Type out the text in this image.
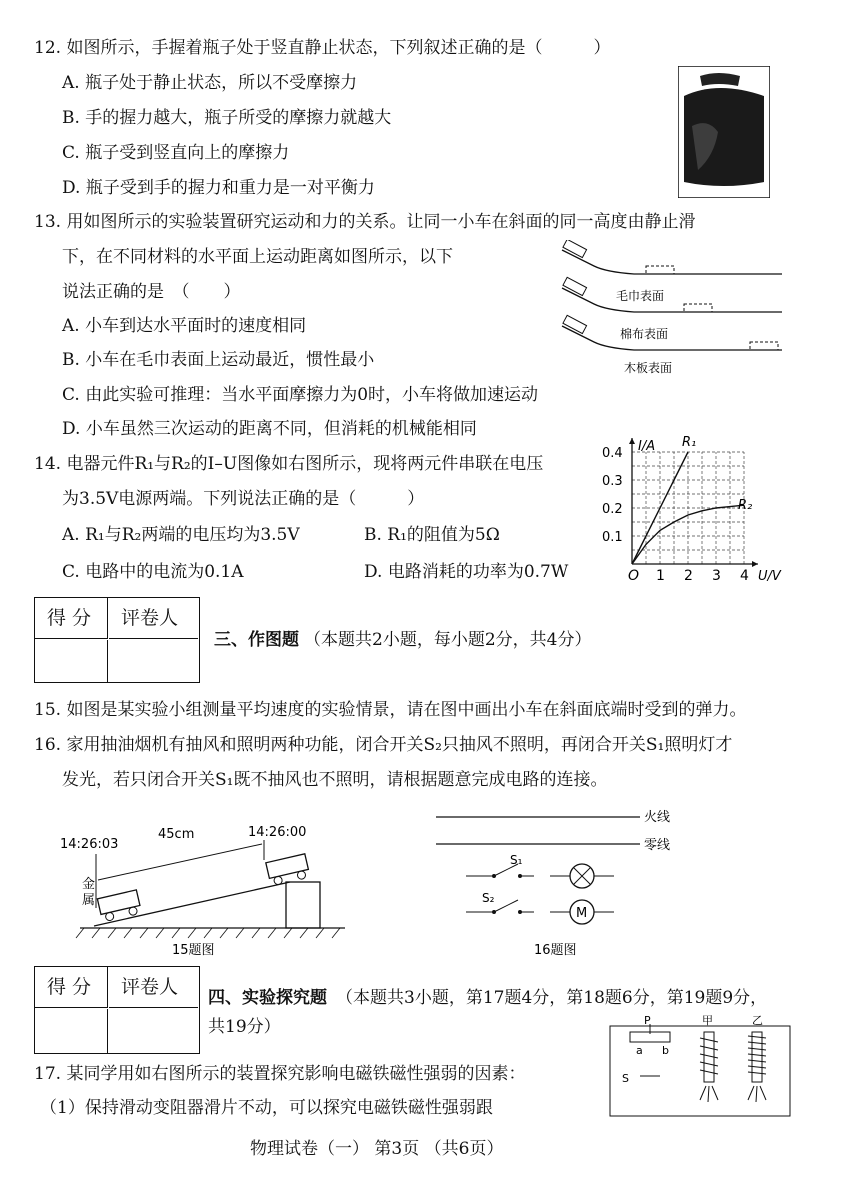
12. 如图所示，手握着瓶子处于竖直静止状态，下列叙述正确的是（　　　）
A. 瓶子处于静止状态，所以不受摩擦力
B. 手的握力越大，瓶子所受的摩擦力就越大
C. 瓶子受到竖直向上的摩擦力
D. 瓶子受到手的握力和重力是一对平衡力
13. 用如图所示的实验装置研究运动和力的关系。让同一小车在斜面的同一高度由静止滑
下，在不同材料的水平面上运动距离如图所示，以下
说法正确的是　（　　）
A. 小车到达水平面时的速度相同
B. 小车在毛巾表面上运动最近，惯性最小
C. 由此实验可推理：当水平面摩擦力为0时，小车将做加速运动
D. 小车虽然三次运动的距离不同，但消耗的机械能相同
毛巾表面
棉布表面
木板表面
14. 电器元件R₁与R₂的I–U图像如右图所示，现将两元件串联在电压
为3.5V电源两端。下列说法正确的是（　　　）
A. R₁与R₂两端的电压均为3.5V	B. R₁的阻值为5Ω
C. 电路中的电流为0.1A	D. 电路消耗的功率为0.7W	1 2 3 4
0.1
0.2
0.3
0.4
O	U/V
I/A R₁
R₂
得 分 评卷人
三、作图题 （本题共2小题，每小题2分，共4分）
15. 如图是某实验小组测量平均速度的实验情景，请在图中画出小车在斜面底端时受到的弹力。
16. 家用抽油烟机有抽风和照明两种功能，闭合开关S₂只抽风不照明，再闭合开关S₁照明灯才
发光，若只闭合开关S₁既不抽风也不照明，请根据题意完成电路的连接。
14:26:00
14:26:03
45cm
金
属
15题图
火线
零线
S₁
S₂
M
16题图
得 分 评卷人 四、实验探究题 （本题共3小题，第17题4分，第18题6分，第19题9分，
共19分）
17. 某同学用如右图所示的装置探究影响电磁铁磁性强弱的因素：
（1）保持滑动变阻器滑片不动，可以探究电磁铁磁性强弱跟
P
a b
S
甲	乙
物理试卷（一） 第3页 （共6页）
